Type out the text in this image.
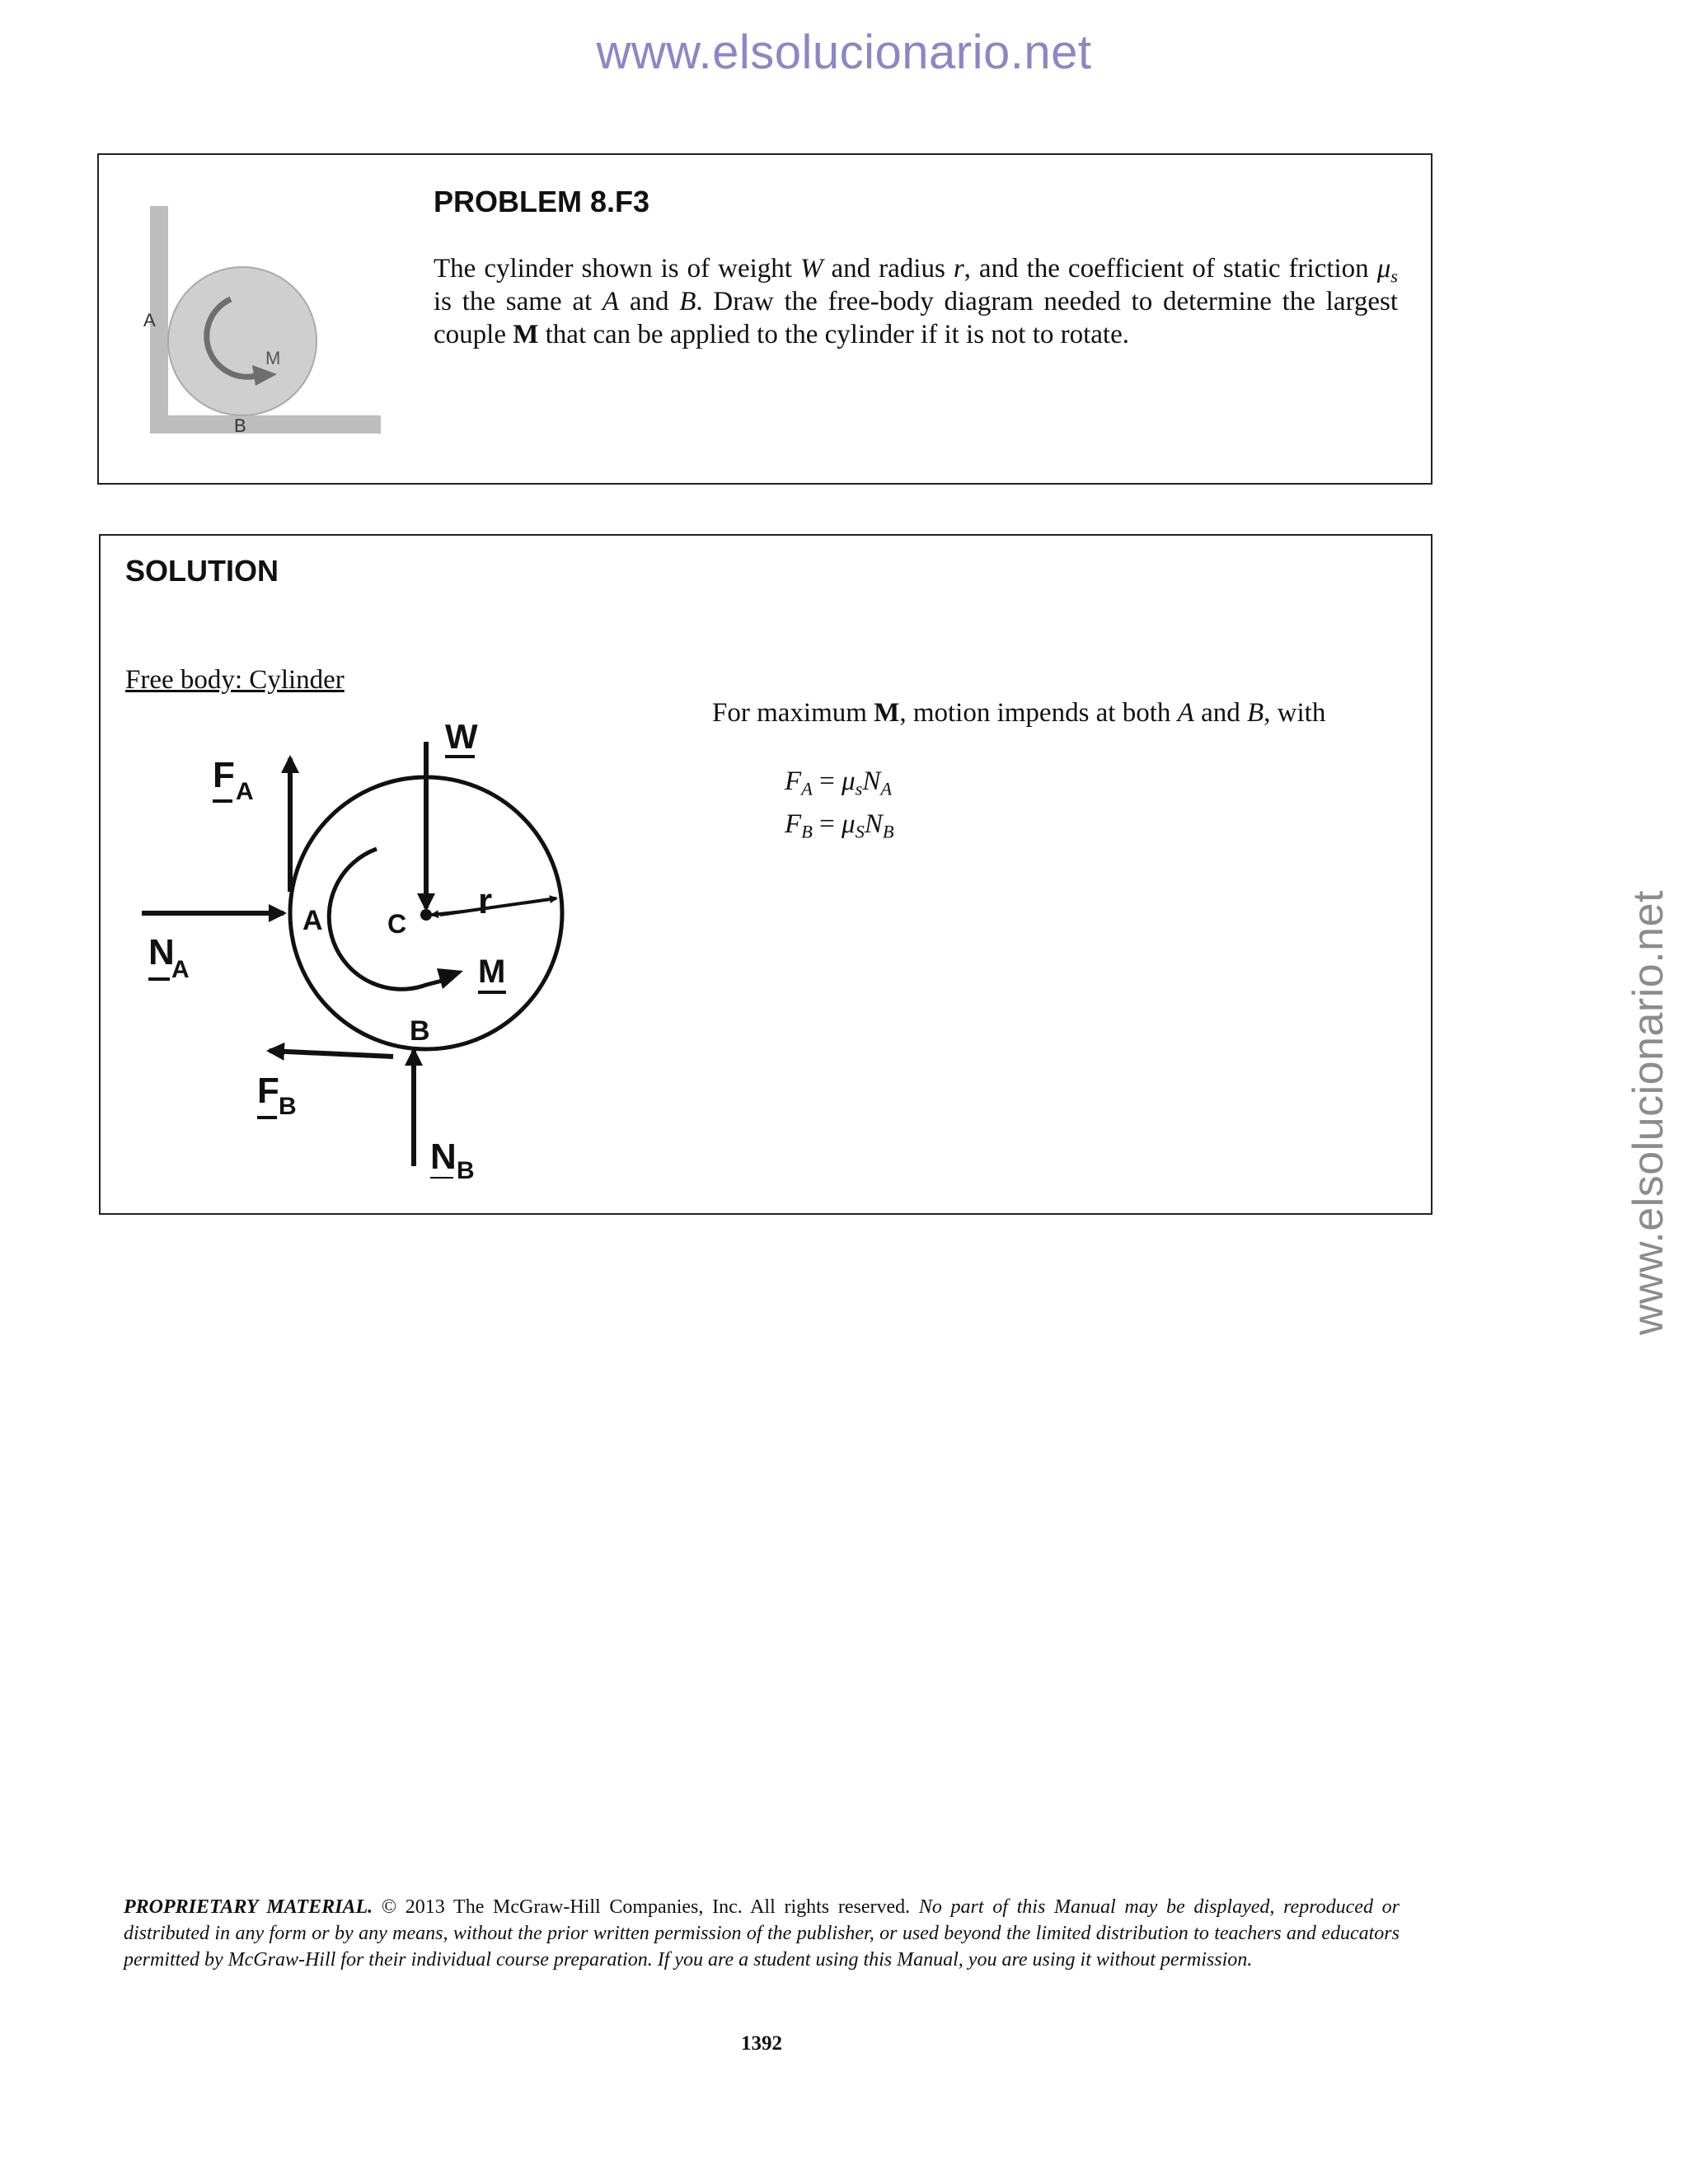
www.elsolucionario.net
www.elsolucionario.net
A
M
B
PROBLEM 8.F3
The cylinder shown is of weight W and radius r, and the coefficient of static friction $\mu_s$ is the same at A and B. Draw the free-body diagram needed to determine the largest couple M that can be applied to the cylinder if it is not to rotate.
SOLUTION
Free body: Cylinder
W
F A
N
A
F B
N B
A
B
C
r
M
For maximum M, motion impends at both A and B, with
$F_A = \mu_sN_A$
$F_B = \mu_SN_B$
PROPRIETARY MATERIAL. © 2013 The McGraw-Hill Companies, Inc. All rights reserved. No part of this Manual may be displayed, reproduced or distributed in any form or by any means, without the prior written permission of the publisher, or used beyond the limited distribution to teachers and educators permitted by McGraw-Hill for their individual course preparation. If you are a student using this Manual, you are using it without permission.
1392
